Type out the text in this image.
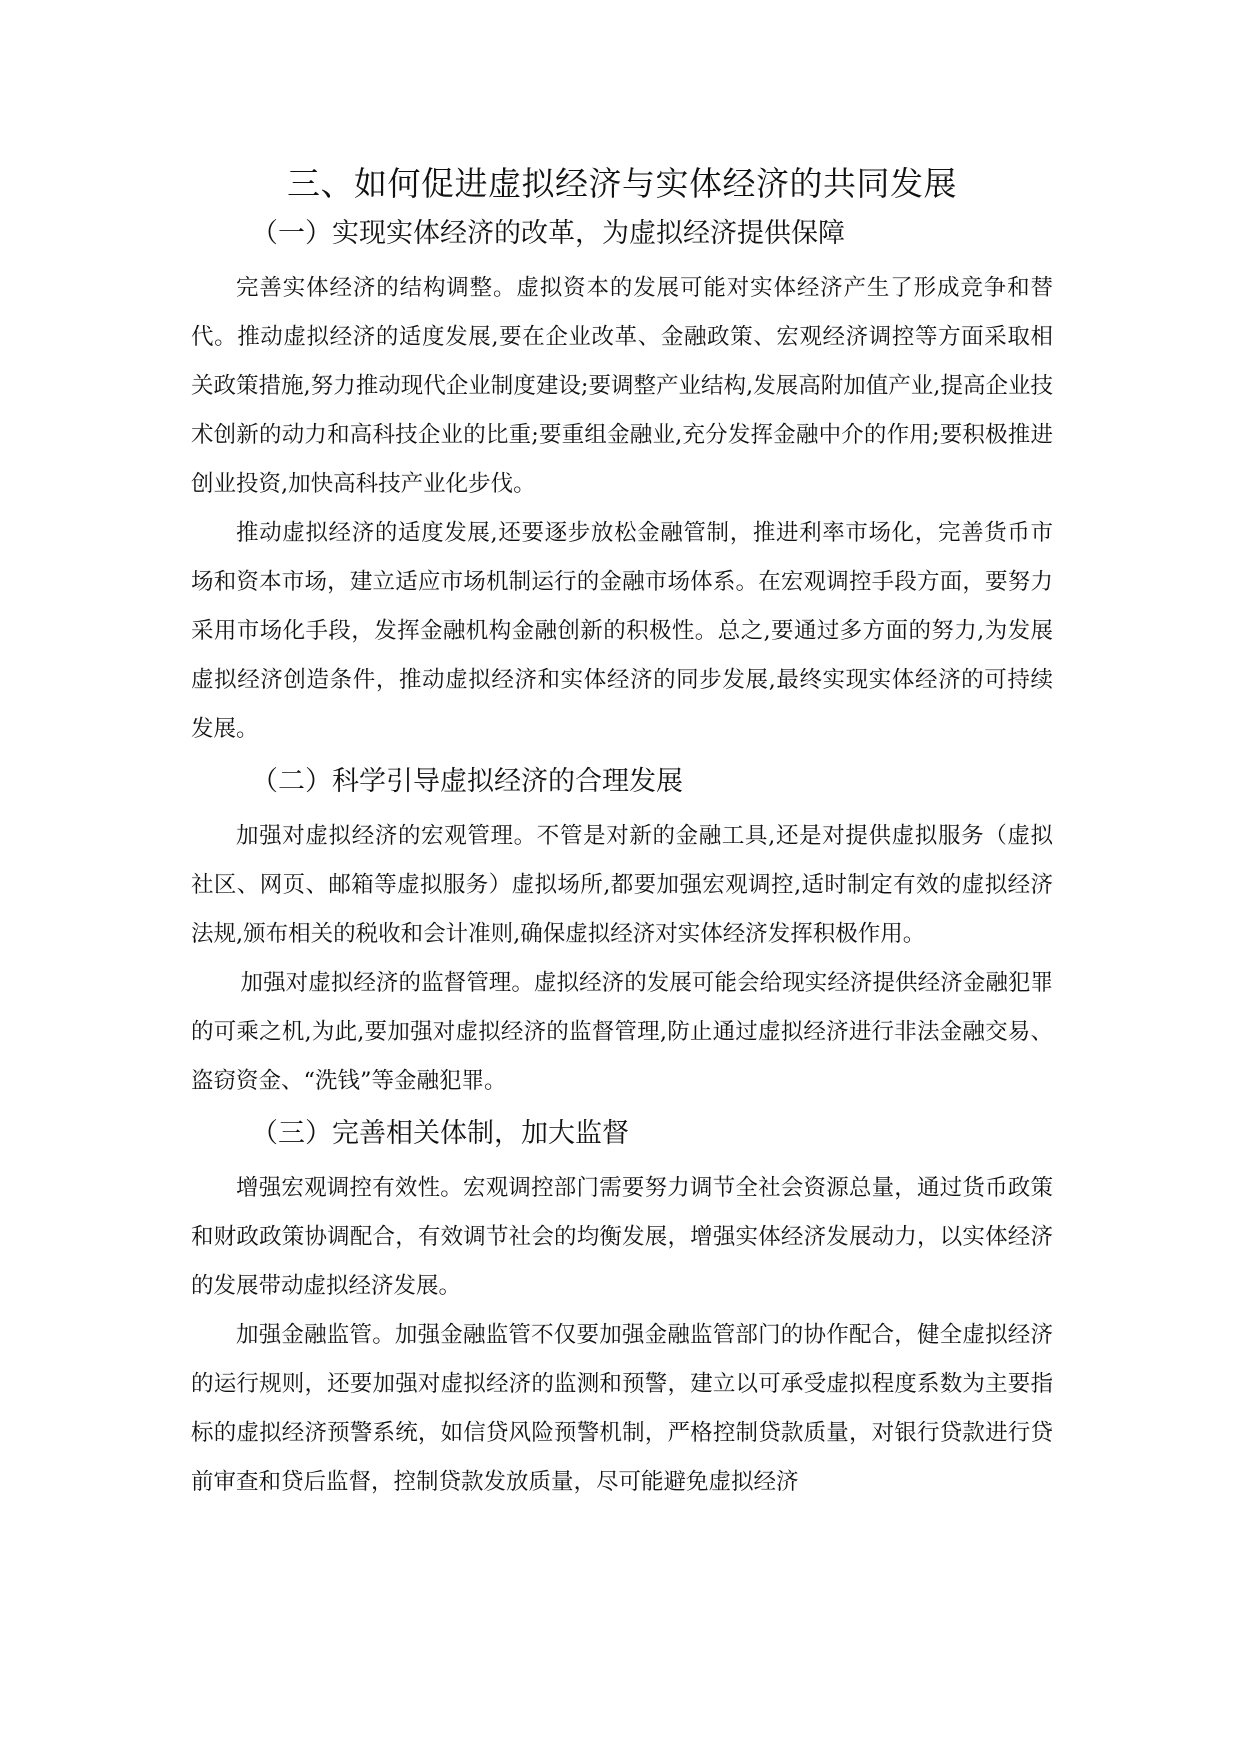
三、如何促进虚拟经济与实体经济的共同发展
（一）实现实体经济的改革，为虚拟经济提供保障

完善实体经济的结构调整。虚拟资本的发展可能对实体经济产生了形成竞争和替代。推动虚拟经济的适度发展,要在企业改革、金融政策、宏观经济调控等方面采取相关政策措施,努力推动现代企业制度建设;要调整产业结构,发展高附加值产业,提高企业技术创新的动力和高科技企业的比重;要重组金融业,充分发挥金融中介的作用;要积极推进创业投资,加快高科技产业化步伐。

推动虚拟经济的适度发展,还要逐步放松金融管制，推进利率市场化，完善货币市场和资本市场，建立适应市场机制运行的金融市场体系。在宏观调控手段方面，要努力采用市场化手段，发挥金融机构金融创新的积极性。总之,要通过多方面的努力,为发展虚拟经济创造条件，推动虚拟经济和实体经济的同步发展,最终实现实体经济的可持续发展。

（二）科学引导虚拟经济的合理发展

加强对虚拟经济的宏观管理。不管是对新的金融工具,还是对提供虚拟服务（虚拟社区、网页、邮箱等虚拟服务）虚拟场所,都要加强宏观调控,适时制定有效的虚拟经济法规,颁布相关的税收和会计准则,确保虚拟经济对实体经济发挥积极作用。

加强对虚拟经济的监督管理。虚拟经济的发展可能会给现实经济提供经济金融犯罪的可乘之机,为此,要加强对虚拟经济的监督管理,防止通过虚拟经济进行非法金融交易、盗窃资金、“洗钱”等金融犯罪。

（三）完善相关体制，加大监督

增强宏观调控有效性。宏观调控部门需要努力调节全社会资源总量，通过货币政策和财政政策协调配合，有效调节社会的均衡发展，增强实体经济发展动力，以实体经济的发展带动虚拟经济发展。

加强金融监管。加强金融监管不仅要加强金融监管部门的协作配合，健全虚拟经济的运行规则，还要加强对虚拟经济的监测和预警，建立以可承受虚拟程度系数为主要指标的虚拟经济预警系统，如信贷风险预警机制，严格控制贷款质量，对银行贷款进行贷前审查和贷后监督，控制贷款发放质量，尽可能避免虚拟经济
